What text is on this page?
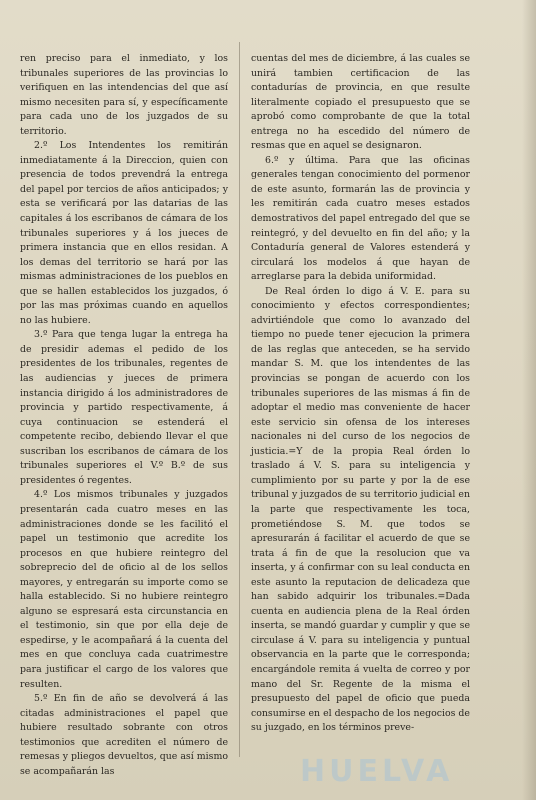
ren preciso para el inmediato, y los tribunales superiores de las provincias lo verifiquen en las intendencias del que así mismo necesiten para sí, y específicamente para cada uno de los juzgados de su territorio.

2.º Los Intendentes los remitirán inmediatamente á la Direccion, quien con presencia de todos prevendrá la entrega del papel por tercios de años anticipados; y esta se verificará por las datarias de las capitales á los escribanos de cámara de los tribunales superiores y á los jueces de primera instancia que en ellos residan. A los demas del territorio se hará por las mismas administraciones de los pueblos en que se hallen establecidos los juzgados, ó por las mas próximas cuando en aquellos no las hubiere.

3.º Para que tenga lugar la entrega ha de presidir ademas el pedido de los presidentes de los tribunales, regentes de las audiencias y jueces de primera instancia dirigido á los administradores de provincia y partido respectivamente, á cuya continuacion se estenderá el competente recibo, debiendo llevar el que suscriban los escribanos de cámara de los tribunales superiores el V.º B.º de sus presidentes ó regentes.

4.º Los mismos tribunales y juzgados presentarán cada cuatro meses en las administraciones donde se les facilitó el papel un testimonio que acredite los procesos en que hubiere reintegro del sobreprecio del de oficio al de los sellos mayores, y entregarán su importe como se halla establecido. Si no hubiere reintegro alguno se espresará esta circunstancia en el testimonio, sin que por ella deje de espedirse, y le acompañará á la cuenta del mes en que concluya cada cuatrimestre para justificar el cargo de los valores que resulten.

5.º En fin de año se devolverá á las citadas administraciones el papel que hubiere resultado sobrante con otros testimonios que acrediten el número de remesas y pliegos devueltos, que así mismo se acompañarán las

cuentas del mes de diciembre, á las cuales se unirá tambien certificacion de las contadurías de provincia, en que resulte literalmente copiado el presupuesto que se aprobó como comprobante de que la total entrega no ha escedido del número de resmas que en aquel se designaron.

6.º y última. Para que las oficinas generales tengan conocimiento del pormenor de este asunto, formarán las de provincia y les remitirán cada cuatro meses estados demostrativos del papel entregado del que se reintegró, y del devuelto en fin del año; y la Contaduría general de Valores estenderá y circulará los modelos á que hayan de arreglarse para la debida uniformidad.

De Real órden lo digo á V. E. para su conocimiento y efectos correspondientes; advirtiéndole que como lo avanzado del tiempo no puede tener ejecucion la primera de las reglas que anteceden, se ha servido mandar S. M. que los intendentes de las provincias se pongan de acuerdo con los tribunales superiores de las mismas á fin de adoptar el medio mas conveniente de hacer este servicio sin ofensa de los intereses nacionales ni del curso de los negocios de justicia.=Y de la propia Real órden lo traslado á V. S. para su inteligencia y cumplimiento por su parte y por la de ese tribunal y juzgados de su territorio judicial en la parte que respectivamente les toca, prometiéndose S. M. que todos se apresurarán á facilitar el acuerdo de que se trata á fin de que la resolucion que va inserta, y á confirmar con su leal conducta en este asunto la reputacion de delicadeza que han sabido adquirir los tribunales.=Dada cuenta en audiencia plena de la Real órden inserta, se mandó guardar y cumplir y que se circulase á V. para su inteligencia y puntual observancia en la parte que le corresponda; encargándole remita á vuelta de correo y por mano del Sr. Regente de la misma el presupuesto del papel de oficio que pueda consumirse en el despacho de los negocios de su juzgado, en los términos preve-

HUELVA
